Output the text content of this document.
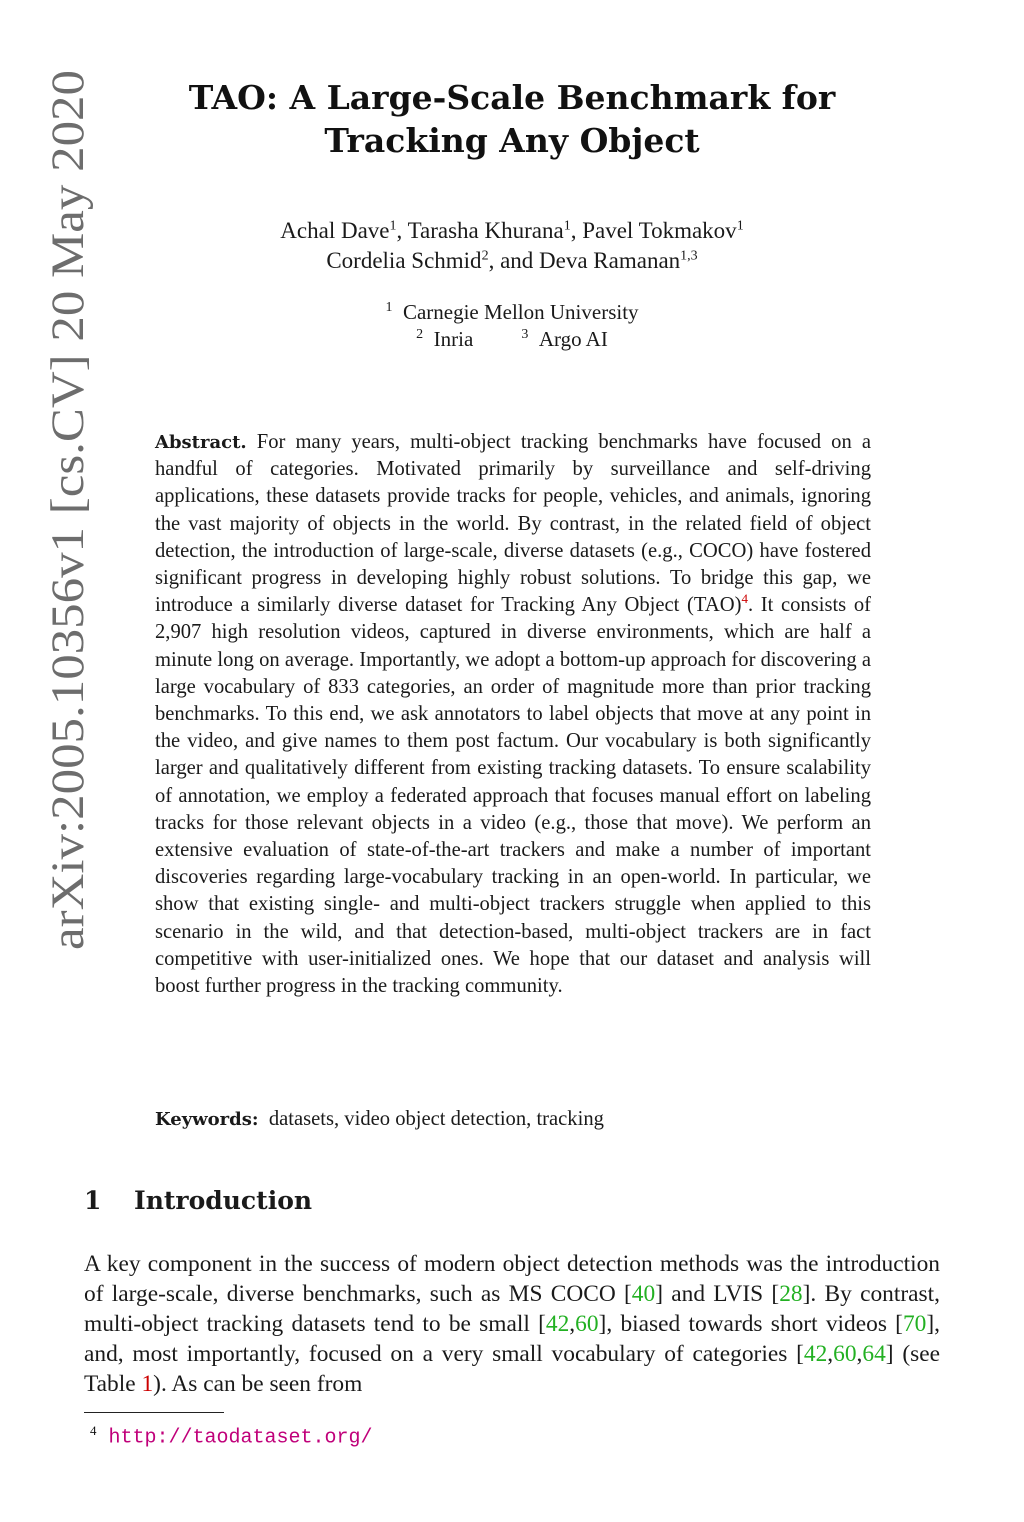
arXiv:2005.10356v1 [cs.CV] 20 May 2020
TAO: A Large-Scale Benchmark for
Tracking Any Object
Achal Dave$^1$, Tarasha Khurana$^1$, Pavel Tokmakov$^1$
Cordelia Schmid$^2$, and Deva Ramanan$^{1,3}$
$^1$ Carnegie Mellon University
$^2$ Inria	$^3$ Argo AI
Abstract. For many years, multi-object tracking benchmarks have focused on a handful of categories. Motivated primarily by surveillance and self-driving applications, these datasets provide tracks for people, vehicles, and animals, ignoring the vast majority of objects in the world. By contrast, in the related field of object detection, the introduction of large-scale, diverse datasets (e.g., COCO) have fostered significant progress in developing highly robust solutions. To bridge this gap, we introduce a similarly diverse dataset for Tracking Any Object (TAO)$^4$. It consists of 2,907 high resolution videos, captured in diverse environments, which are half a minute long on average. Importantly, we adopt a bottom-up approach for discovering a large vocabulary of 833 categories, an order of magnitude more than prior tracking benchmarks. To this end, we ask annotators to label objects that move at any point in the video, and give names to them post factum. Our vocabulary is both significantly larger and qualitatively different from existing tracking datasets. To ensure scalability of annotation, we employ a federated approach that focuses manual effort on labeling tracks for those relevant objects in a video (e.g., those that move). We perform an extensive evaluation of state-of-the-art trackers and make a number of important discoveries regarding large-vocabulary tracking in an open-world. In particular, we show that existing single- and multi-object trackers struggle when applied to this scenario in the wild, and that detection-based, multi-object trackers are in fact competitive with user-initialized ones. We hope that our dataset and analysis will boost further progress in the tracking community.
Keywords: datasets, video object detection, tracking
1 Introduction
A key component in the success of modern object detection methods was the introduction of large-scale, diverse benchmarks, such as MS COCO [40] and LVIS [28]. By contrast, multi-object tracking datasets tend to be small [42,60], biased towards short videos [70], and, most importantly, focused on a very small vocabulary of categories [42,60,64] (see Table 1). As can be seen from
$^4$ http://taodataset.org/
